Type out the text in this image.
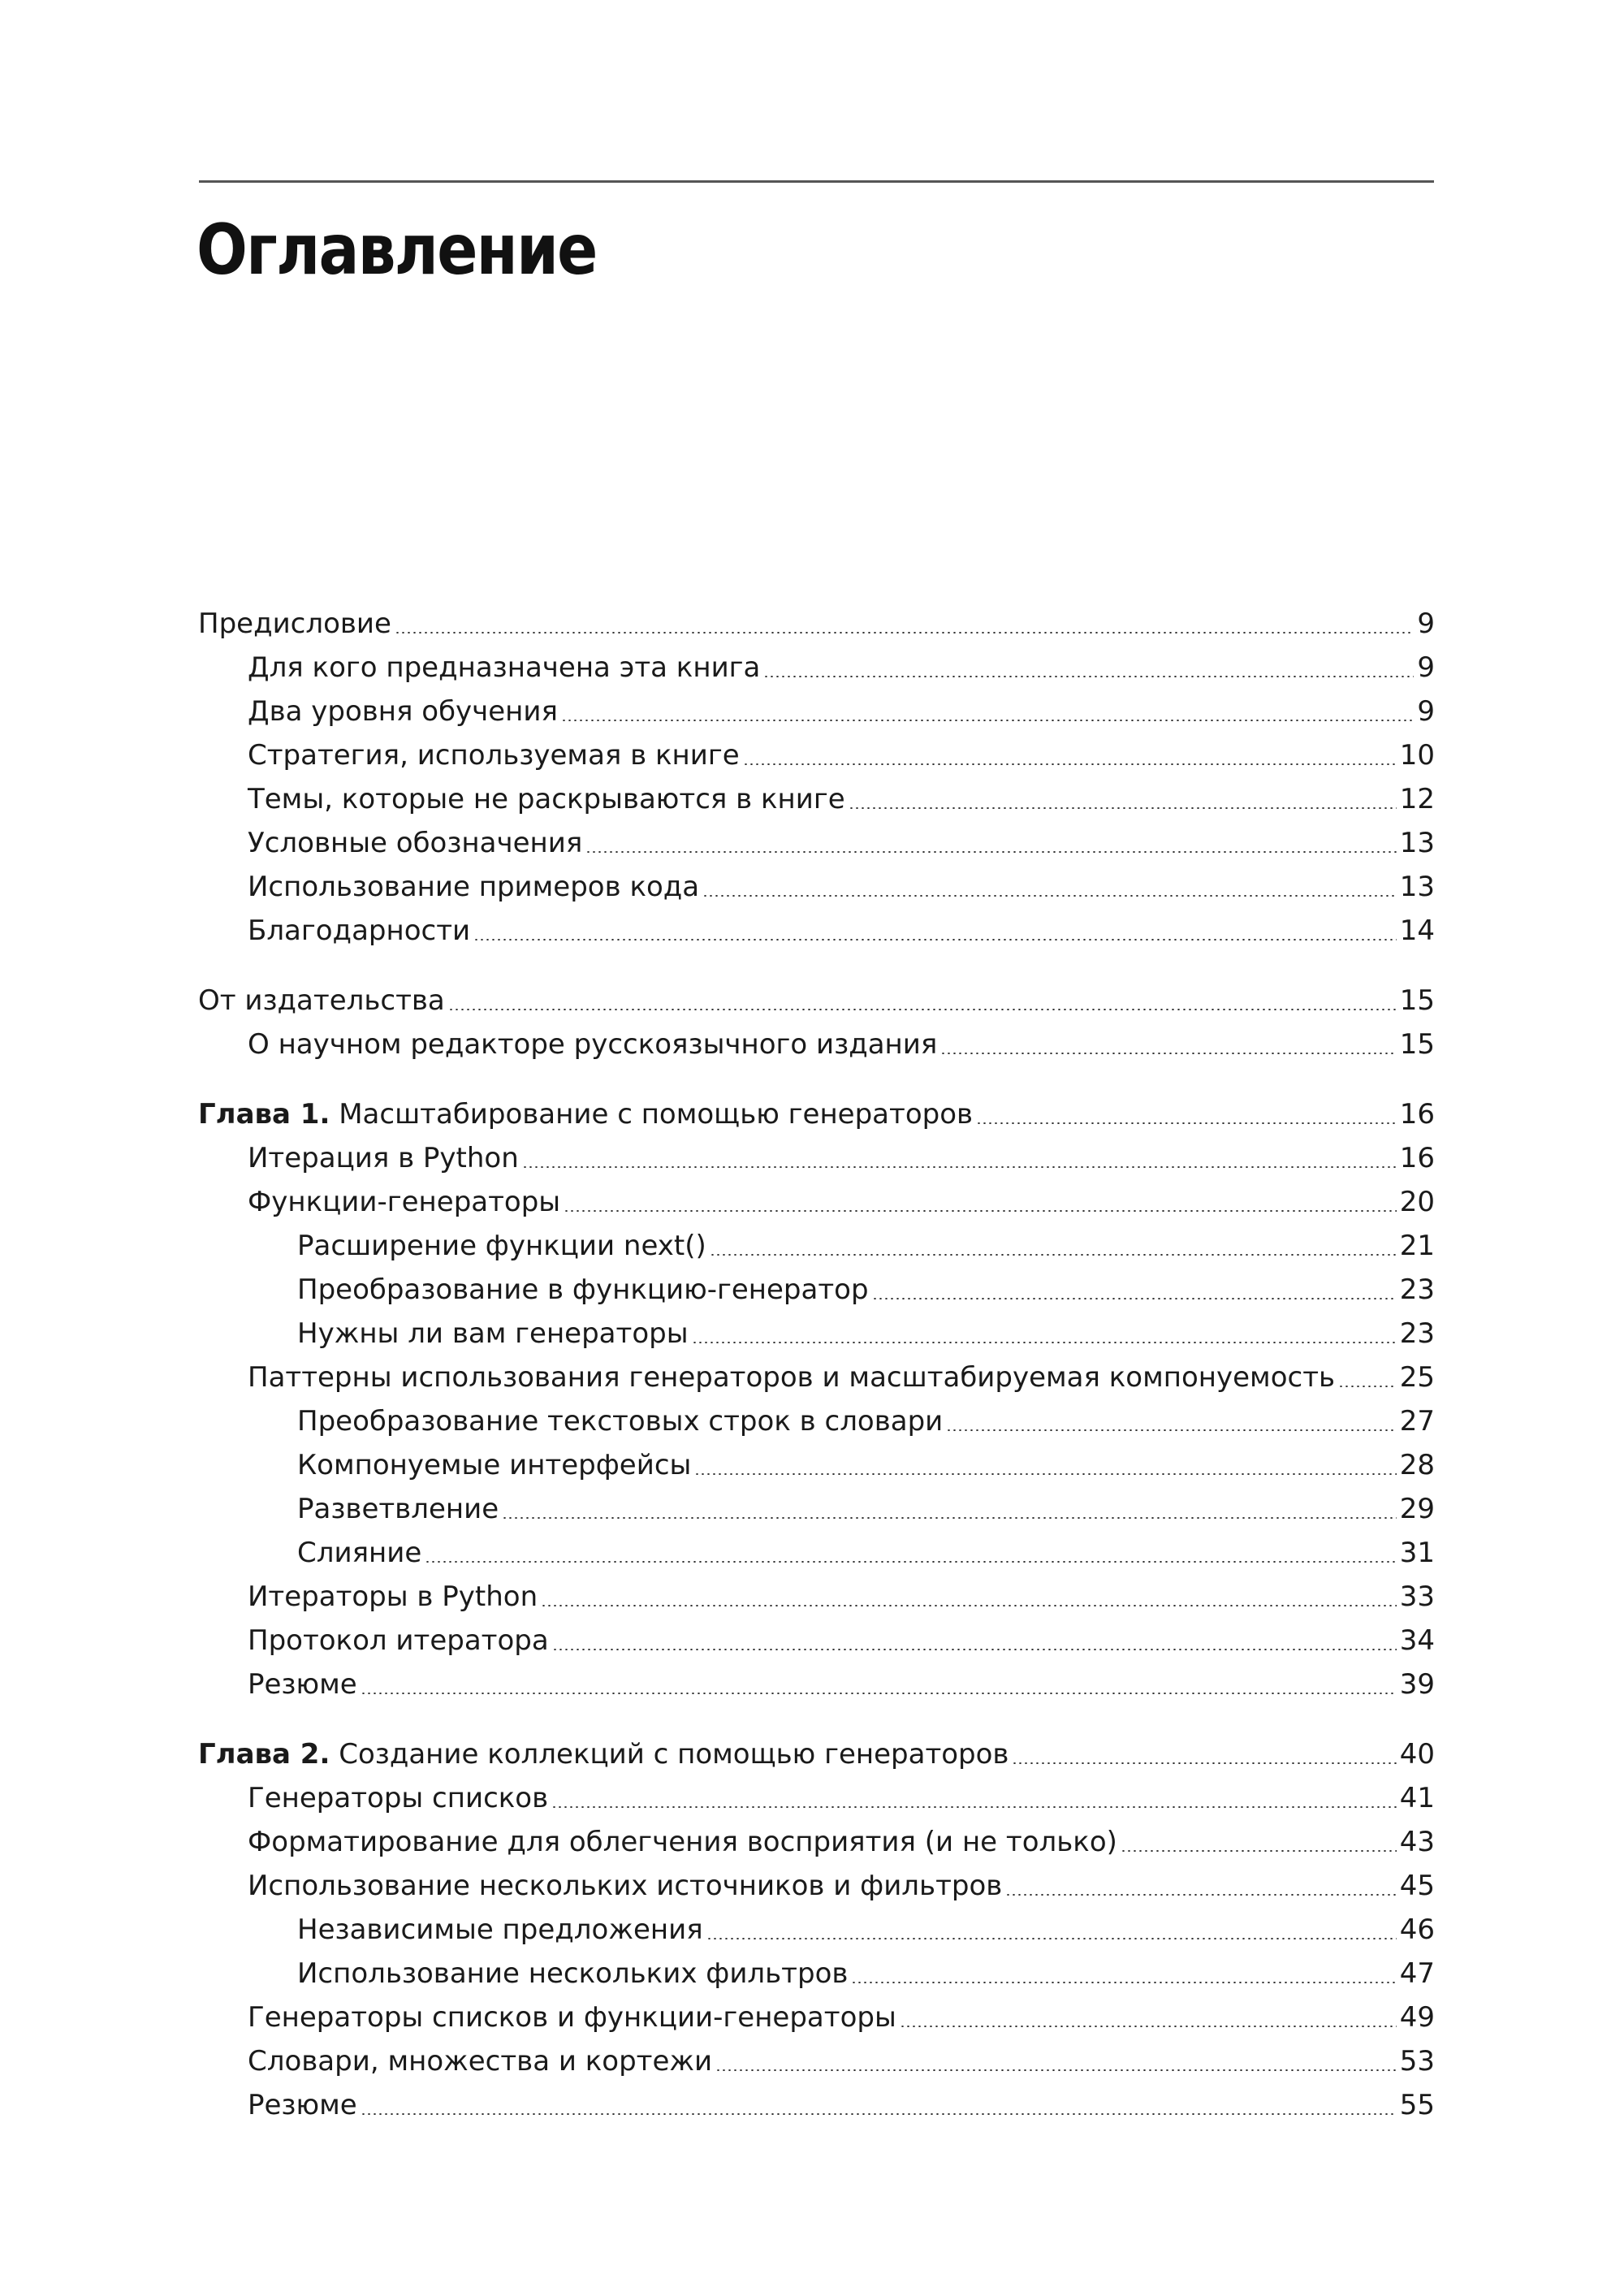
Оглавление
Предисловие	9
Для кого предназначена эта книга	9
Два уровня обучения	9
Стратегия, используемая в книге	10
Темы, которые не раскрываются в книге	12
Условные обозначения	13
Использование примеров кода	13
Благодарности	14
От издательства	15
О научном редакторе русскоязычного издания	15
Глава 1. Масштабирование с помощью генераторов	16
Итерация в Python	16
Функции-генераторы	20
Расширение функции next()	21
Преобразование в функцию-генератор	23
Нужны ли вам генераторы	23
Паттерны использования генераторов и масштабируемая компонуемость 25
Преобразование текстовых строк в словари	27
Компонуемые интерфейсы	28
Разветвление	29
Слияние	31
Итераторы в Python	33
Протокол итератора	34
Резюме	39
Глава 2. Создание коллекций с помощью генераторов	40
Генераторы списков	41
Форматирование для облегчения восприятия (и не только)	43
Использование нескольких источников и фильтров	45
Независимые предложения	46
Использование нескольких фильтров	47
Генераторы списков и функции-генераторы	49
Словари, множества и кортежи	53
Резюме	55
